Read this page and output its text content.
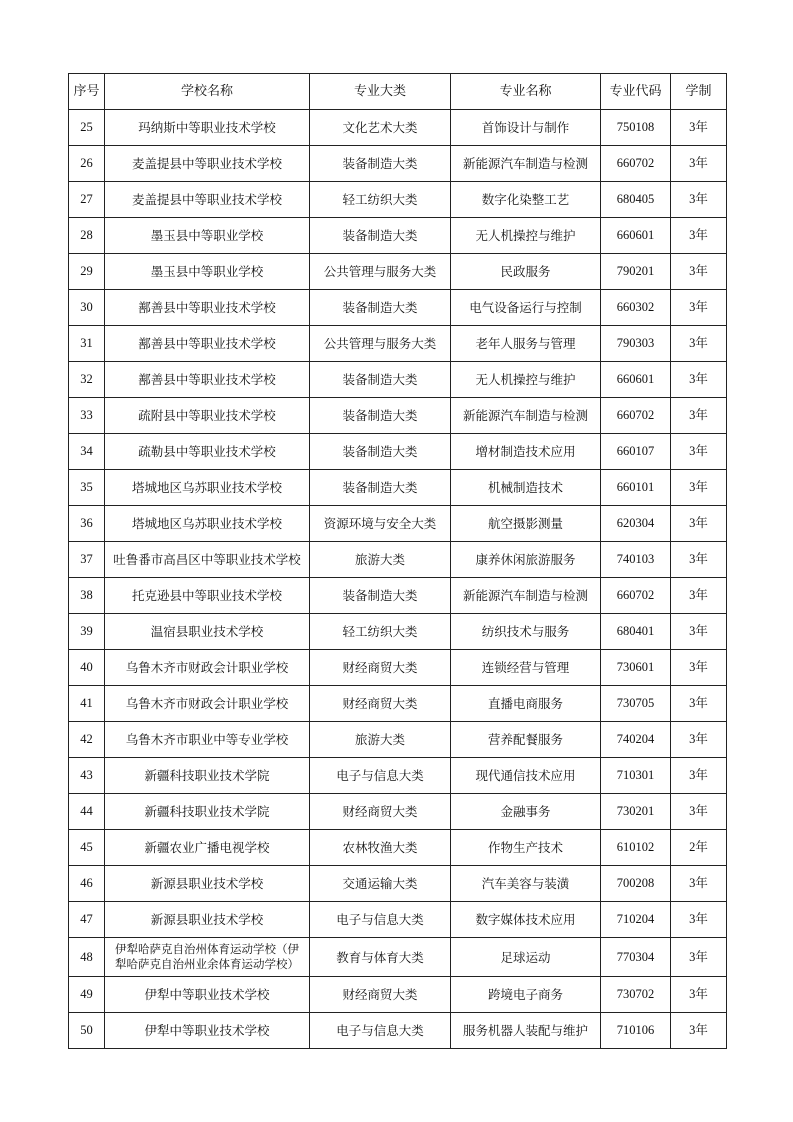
序号	学校名称	专业大类	专业名称	专业代码	学制
25	玛纳斯中等职业技术学校	文化艺术大类	首饰设计与制作	750108	3年
26	麦盖提县中等职业技术学校	装备制造大类	新能源汽车制造与检测	660702	3年
27	麦盖提县中等职业技术学校	轻工纺织大类	数字化染整工艺	680405	3年
28	墨玉县中等职业学校	装备制造大类	无人机操控与维护	660601	3年
29	墨玉县中等职业学校	公共管理与服务大类	民政服务	790201	3年
30	鄯善县中等职业技术学校	装备制造大类	电气设备运行与控制	660302	3年
31	鄯善县中等职业技术学校	公共管理与服务大类	老年人服务与管理	790303	3年
32	鄯善县中等职业技术学校	装备制造大类	无人机操控与维护	660601	3年
33	疏附县中等职业技术学校	装备制造大类	新能源汽车制造与检测	660702	3年
34	疏勒县中等职业技术学校	装备制造大类	增材制造技术应用	660107	3年
35	塔城地区乌苏职业技术学校	装备制造大类	机械制造技术	660101	3年
36	塔城地区乌苏职业技术学校	资源环境与安全大类	航空摄影测量	620304	3年
37	吐鲁番市高昌区中等职业技术学校	旅游大类	康养休闲旅游服务	740103	3年
38	托克逊县中等职业技术学校	装备制造大类	新能源汽车制造与检测	660702	3年
39	温宿县职业技术学校	轻工纺织大类	纺织技术与服务	680401	3年
40	乌鲁木齐市财政会计职业学校	财经商贸大类	连锁经营与管理	730601	3年
41	乌鲁木齐市财政会计职业学校	财经商贸大类	直播电商服务	730705	3年
42	乌鲁木齐市职业中等专业学校	旅游大类	营养配餐服务	740204	3年
43	新疆科技职业技术学院	电子与信息大类	现代通信技术应用	710301	3年
44	新疆科技职业技术学院	财经商贸大类	金融事务	730201	3年
45	新疆农业广播电视学校	农林牧渔大类	作物生产技术	610102	2年
46	新源县职业技术学校	交通运输大类	汽车美容与装潢	700208	3年
47	新源县职业技术学校	电子与信息大类	数字媒体技术应用	710204	3年
48	伊犁哈萨克自治州体育运动学校（伊犁哈萨克自治州业余体育运动学校）	教育与体育大类	足球运动	770304	3年
49	伊犁中等职业技术学校	财经商贸大类	跨境电子商务	730702	3年
50	伊犁中等职业技术学校	电子与信息大类	服务机器人装配与维护	710106	3年
